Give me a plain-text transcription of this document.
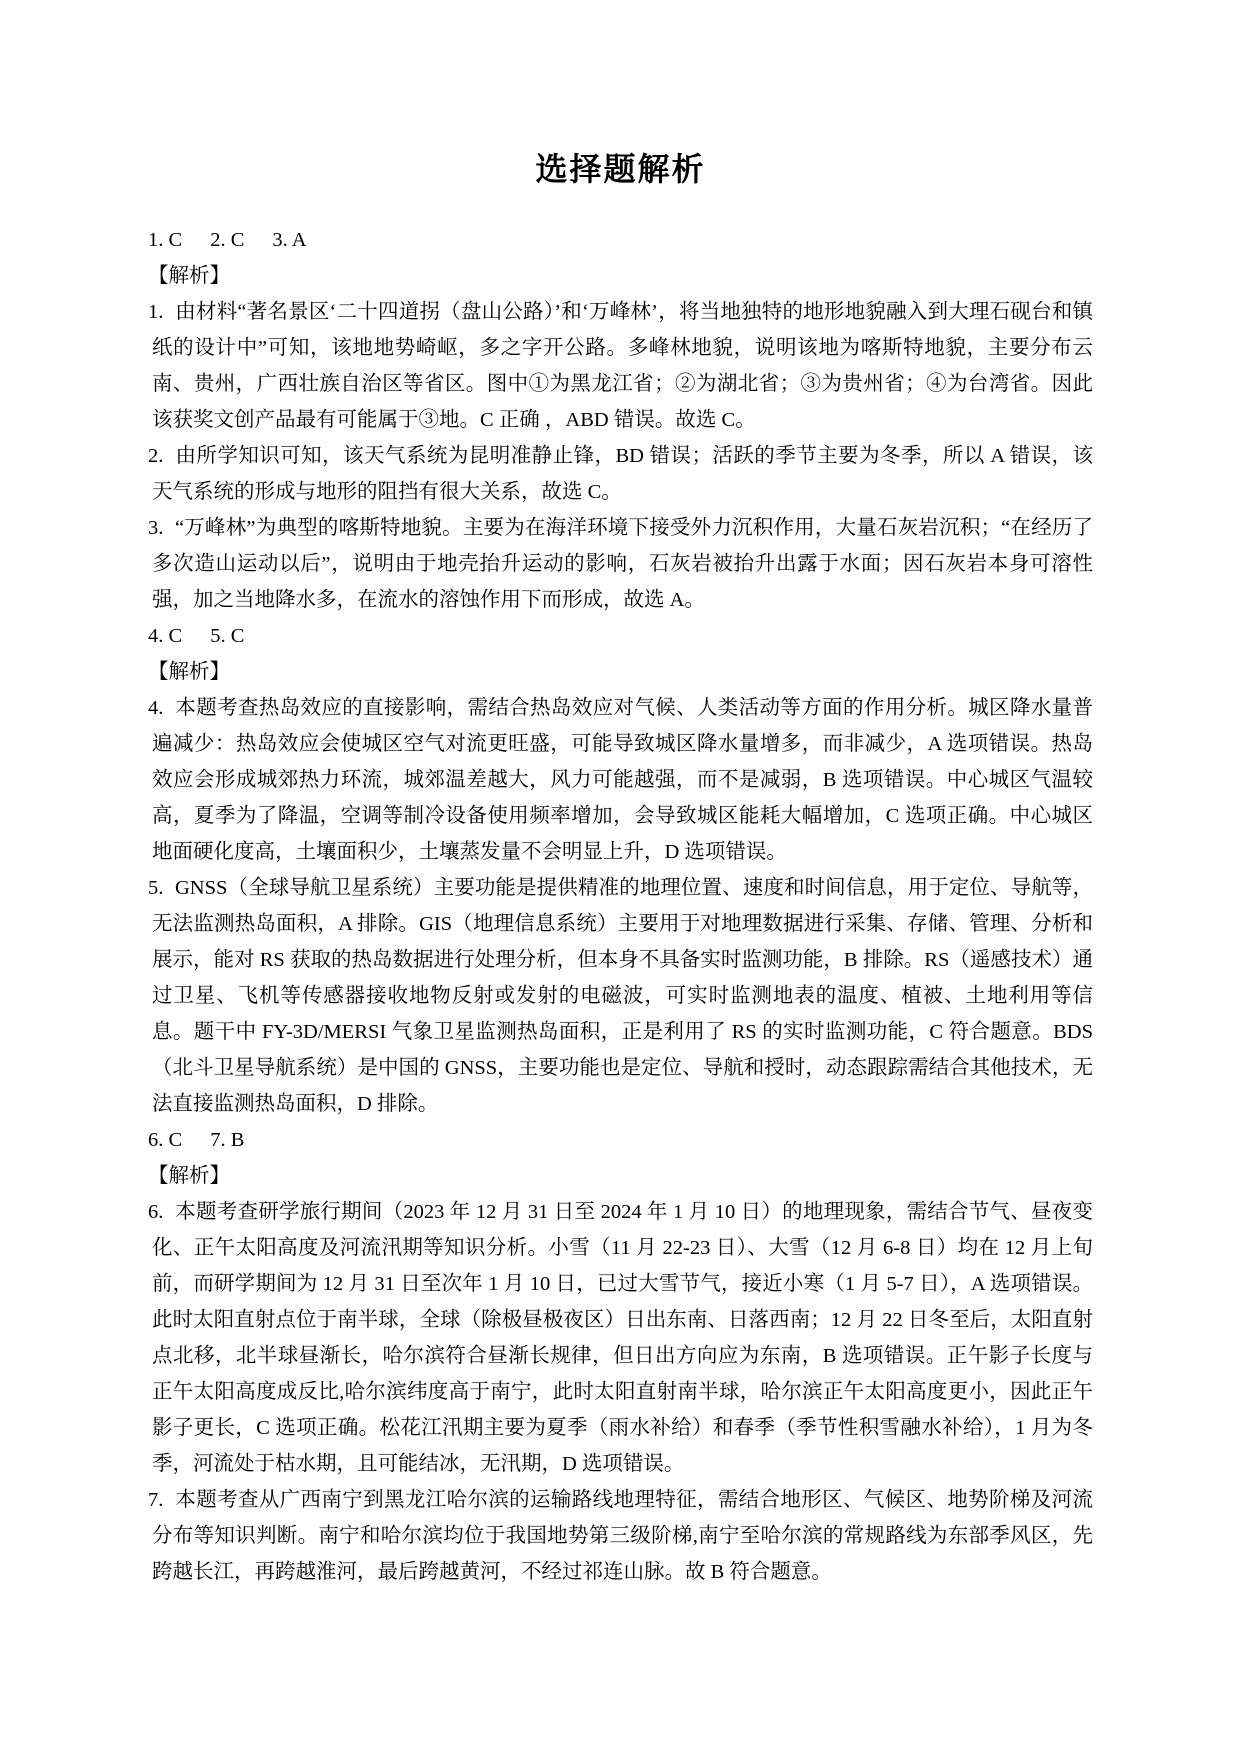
选择题解析

1. C 2. C 3. A

【解析】

1. 由材料“著名景区‘二十四道拐（盘山公路）’和‘万峰林’，将当地独特的地形地貌融入到大理石砚台和镇纸的设计中”可知，该地地势崎岖，多之字开公路。多峰林地貌，说明该地为喀斯特地貌，主要分布云南、贵州，广西壮族自治区等省区。图中①为黑龙江省；②为湖北省；③为贵州省；④为台湾省。因此该获奖文创产品最有可能属于③地。C 正确 ，ABD 错误。故选 C。

2. 由所学知识可知，该天气系统为昆明准静止锋，BD 错误；活跃的季节主要为冬季，所以 A 错误，该天气系统的形成与地形的阻挡有很大关系，故选 C。

3. “万峰林”为典型的喀斯特地貌。主要为在海洋环境下接受外力沉积作用，大量石灰岩沉积；“在经历了多次造山运动以后”，说明由于地壳抬升运动的影响，石灰岩被抬升出露于水面；因石灰岩本身可溶性强，加之当地降水多，在流水的溶蚀作用下而形成，故选 A。

4. C 5. C

【解析】

4. 本题考查热岛效应的直接影响，需结合热岛效应对气候、人类活动等方面的作用分析。城区降水量普遍减少：热岛效应会使城区空气对流更旺盛，可能导致城区降水量增多，而非减少，A 选项错误。热岛效应会形成城郊热力环流，城郊温差越大，风力可能越强，而不是减弱，B 选项错误。中心城区气温较高，夏季为了降温，空调等制冷设备使用频率增加，会导致城区能耗大幅增加，C 选项正确。中心城区地面硬化度高，土壤面积少，土壤蒸发量不会明显上升，D 选项错误。

5. GNSS（全球导航卫星系统）主要功能是提供精准的地理位置、速度和时间信息，用于定位、导航等，无法监测热岛面积，A 排除。GIS（地理信息系统）主要用于对地理数据进行采集、存储、管理、分析和展示，能对 RS 获取的热岛数据进行处理分析，但本身不具备实时监测功能，B 排除。RS（遥感技术）通过卫星、飞机等传感器接收地物反射或发射的电磁波，可实时监测地表的温度、植被、土地利用等信息。题干中 FY-3D/MERSI 气象卫星监测热岛面积，正是利用了 RS 的实时监测功能，C 符合题意。BDS（北斗卫星导航系统）是中国的 GNSS，主要功能也是定位、导航和授时，动态跟踪需结合其他技术，无法直接监测热岛面积，D 排除。

6. C 7. B

【解析】

6. 本题考查研学旅行期间（2023 年 12 月 31 日至 2024 年 1 月 10 日）的地理现象，需结合节气、昼夜变化、正午太阳高度及河流汛期等知识分析。小雪（11 月 22-23 日）、大雪（12 月 6-8 日）均在 12 月上旬前，而研学期间为 12 月 31 日至次年 1 月 10 日，已过大雪节气，接近小寒（1 月 5-7 日），A 选项错误。此时太阳直射点位于南半球，全球（除极昼极夜区）日出东南、日落西南；12 月 22 日冬至后，太阳直射点北移，北半球昼渐长，哈尔滨符合昼渐长规律，但日出方向应为东南，B 选项错误。正午影子长度与正午太阳高度成反比,哈尔滨纬度高于南宁，此时太阳直射南半球，哈尔滨正午太阳高度更小，因此正午影子更长，C 选项正确。松花江汛期主要为夏季（雨水补给）和春季（季节性积雪融水补给），1 月为冬季，河流处于枯水期，且可能结冰，无汛期，D 选项错误。

7. 本题考查从广西南宁到黑龙江哈尔滨的运输路线地理特征，需结合地形区、气候区、地势阶梯及河流分布等知识判断。南宁和哈尔滨均位于我国地势第三级阶梯,南宁至哈尔滨的常规路线为东部季风区，先跨越长江，再跨越淮河，最后跨越黄河，不经过祁连山脉。故 B 符合题意。
